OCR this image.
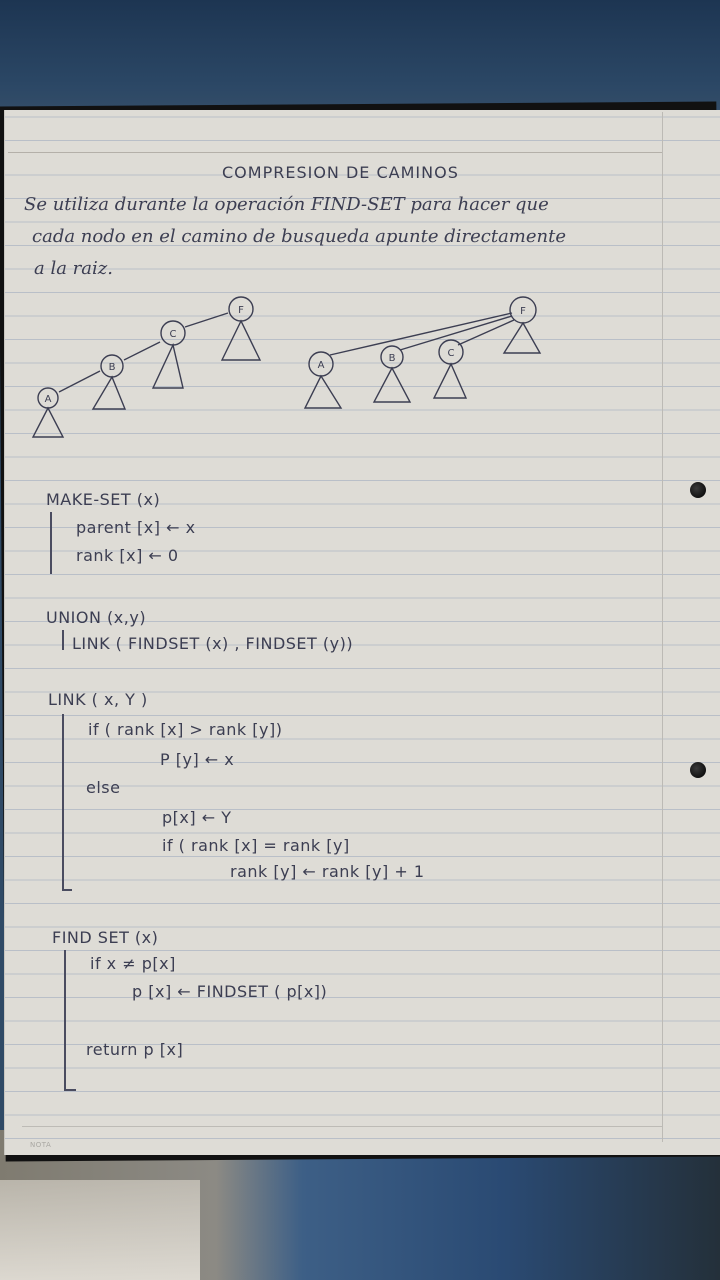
NOTA
COMPRESION DE CAMINOS
Se utiliza durante la operación FIND-SET para hacer que
cada nodo en el camino de busqueda apunte directamente
a la raiz.
A
B
C
F
A
B	C
F
MAKE-SET (x)
parent [x] ← x
rank [x] ← 0
UNION (x,y)
LINK ( FINDSET (x) , FINDSET (y))
LINK ( x, Y )
if ( rank [x] > rank [y])
P [y] ← x
else
p[x] ← Y
if ( rank [x] = rank [y]
rank [y] ← rank [y] + 1
FIND SET (x)
if x ≠ p[x]
p [x] ← FINDSET ( p[x])
return p [x]
